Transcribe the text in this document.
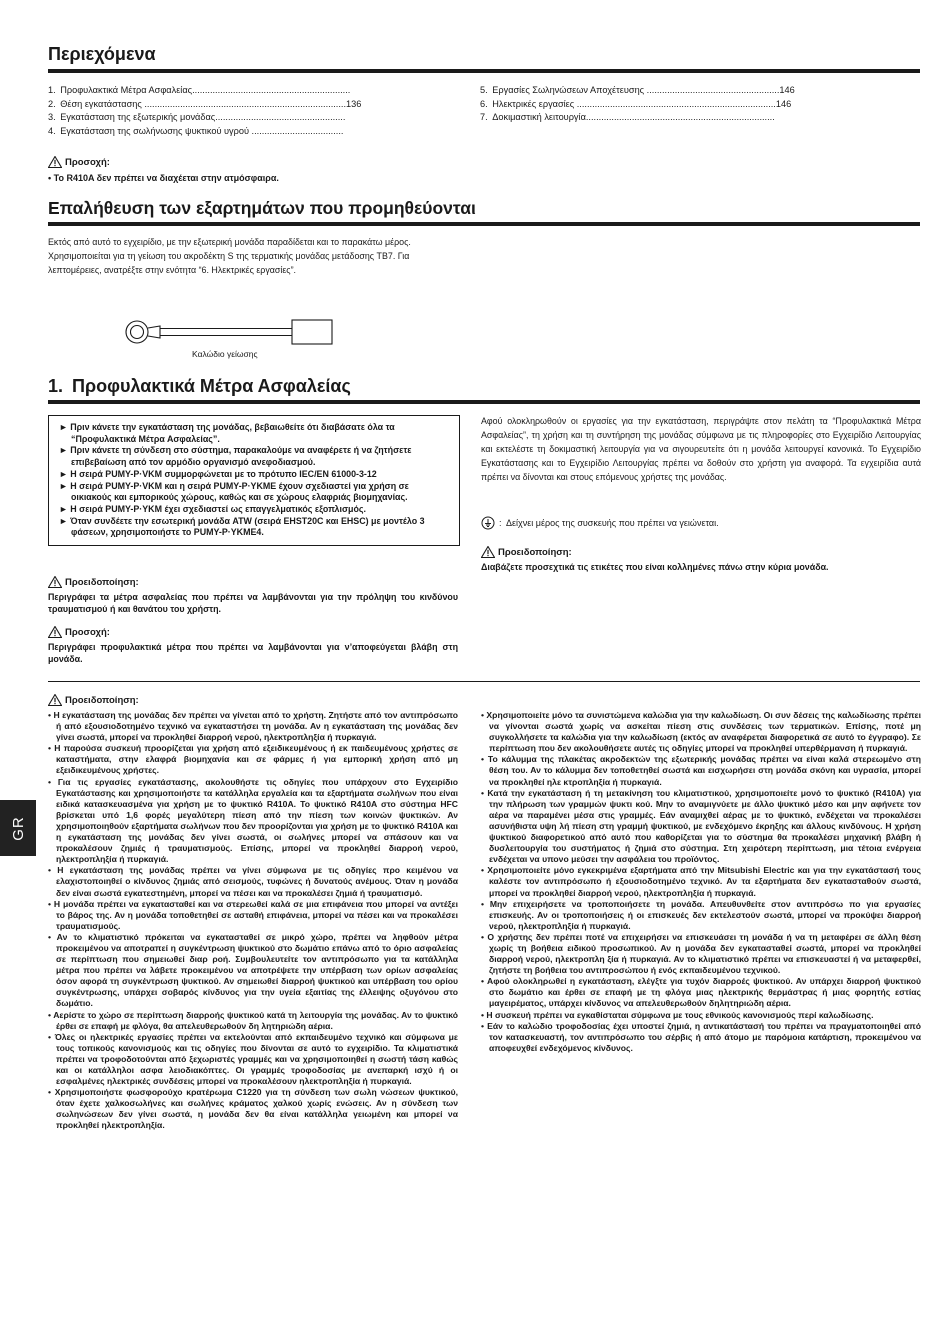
GR
Περιεχόμενα
1. Προφυλακτικά Μέτρα Ασφαλείας..............................................................
2. Θέση εγκατάστασης ...............................................................................136
3. Εγκατάσταση της εξωτερικής μονάδας...................................................
4. Εγκατάσταση της σωλήνωσης ψυκτικού υγρού ....................................
5. Εργασίες Σωληνώσεων Αποχέτευσης ....................................................146
6. Ηλεκτρικές εργασίες ..............................................................................146
7. Δοκιμαστική λειτουργία..........................................................................
Προσοχή:
• Το R410A δεν πρέπει να διαχέεται στην ατμόσφαιρα.
Επαλήθευση των εξαρτημάτων που προμηθεύονται
Εκτός από αυτό το εγχειρίδιο, με την εξωτερική μονάδα παραδίδεται και το παρακάτω μέρος.
Χρησιμοποιείται για τη γείωση του ακροδέκτη S της τερματικής μονάδας μετάδοσης TB7. Για λεπτομέρειες, ανατρέξτε στην ενότητα “6. Ηλεκτρικές εργασίες”.
Καλώδιο γείωσης
1. Προφυλακτικά Μέτρα Ασφαλείας
► Πριν κάνετε την εγκατάσταση της μονάδας, βεβαιωθείτε ότι διαβάσατε όλα τα “Προφυλακτικά Μέτρα Ασφαλείας”.
► Πριν κάνετε τη σύνδεση στο σύστημα, παρακαλούμε να αναφέρετε ή να ζητήσετε επιβεβαίωση από τον αρμόδιο οργανισμό ανεφοδιασμού.
► Η σειρά PUMY-P·VKM συμμορφώνεται με το πρότυπο IEC/EN 61000-3-12
► Η σειρά PUMY-P·VKM και η σειρά PUMY-P·YKME έχουν σχεδιαστεί για χρήση σε οικιακούς και εμπορικούς χώρους, καθώς και σε χώρους ελαφριάς βιομηχανίας.
► Η σειρά PUMY-P·YKM έχει σχεδιαστεί ως επαγγελματικός εξοπλισμός.
► Όταν συνδέετε την εσωτερική μονάδα ATW (σειρά EHST20C και EHSC) με μοντέλο 3 φάσεων, χρησιμοποιήστε το PUMY-P·YKME4.
Προειδοποίηση:
Περιγράφει τα μέτρα ασφαλείας που πρέπει να λαμβάνονται για την πρόληψη του κινδύνου τραυματισμού ή και θανάτου του χρήστη.
Προσοχή:
Περιγράφει προφυλακτικά μέτρα που πρέπει να λαμβάνονται για ν’αποφεύγεται βλάβη στη μονάδα.
Αφού ολοκληρωθούν οι εργασίες για την εγκατάσταση, περιγράψτε στον πελάτη τα “Προφυλακτικά Μέτρα Ασφαλείας”, τη χρήση και τη συντήρηση της μονάδας σύμφωνα με τις πληροφορίες στο Εγχειρίδιο Λειτουργίας και εκτελέστε τη δοκιμαστική λειτουργία για να σιγουρευτείτε ότι η μονάδα λειτουργεί κανονικά. Το Εγχειρίδιο Εγκατάστασης και το Εγχειρίδιο Λειτουργίας πρέπει να δοθούν στο χρήστη για αναφορά. Τα εγχειρίδια αυτά πρέπει να δίνονται και στους επόμενους χρήστες της μονάδας.
: Δείχνει μέρος της συσκευής που πρέπει να γειώνεται.
Προειδοποίηση:
Διαβάζετε προσεχτικά τις ετικέτες που είναι κολλημένες πάνω στην κύρια μονάδα.
Προειδοποίηση:
• Η εγκατάσταση της μονάδας δεν πρέπει να γίνεται από το χρήστη. Ζητήστε από τον αντιπρόσωπο ή από εξουσιοδοτημένο τεχνικό να εγκαταστήσει τη μονάδα. Αν η εγκατάσταση της μονάδας δεν γίνει σωστά, μπορεί να προκληθεί διαρροή νερού, ηλεκτροπληξία ή πυρκαγιά.
• Η παρούσα συσκευή προορίζεται για χρήση από εξειδικευμένους ή εκ παιδευμένους χρήστες σε καταστήματα, στην ελαφρά βιομηχανία και σε φάρμες ή για εμπορική χρήση από μη εξειδικευμένους χρήστες.
• Για τις εργασίες εγκατάστασης, ακολουθήστε τις οδηγίες που υπάρχουν στο Εγχειρίδιο Εγκατάστασης και χρησιμοποιήστε τα κατάλληλα εργαλεία και τα εξαρτήματα σωλήνων που είναι ειδικά κατασκευασμένα για χρήση με το ψυκτικό R410A. Το ψυκτικό R410A στο σύστημα HFC βρίσκεται υπό 1,6 φορές μεγαλύτερη πίεση από την πίεση των κοινών ψυκτικών. Αν χρησιμοποιηθούν εξαρτήματα σωλήνων που δεν προορίζονται για χρήση με το ψυκτικό R410A και η εγκατάσταση της μονάδας δεν γίνει σωστά, οι σωλήνες μπορεί να σπάσουν και να προκαλέσουν ζημιές ή τραυματισμούς. Επίσης, μπορεί να προκληθεί διαρροή νερού, ηλεκτροπληξία ή πυρκαγιά.
• Η εγκατάσταση της μονάδας πρέπει να γίνει σύμφωνα με τις οδηγίες προ κειμένου να ελαχιστοποιηθεί ο κίνδυνος ζημιάς από σεισμούς, τυφώνες ή δυνατούς ανέμους. Όταν η μονάδα δεν είναι σωστά εγκατεστημένη, μπορεί να πέσει και να προκαλέσει ζημιά ή τραυματισμό.
• Η μονάδα πρέπει να εγκατασταθεί και να στερεωθεί καλά σε μια επιφάνεια που μπορεί να αντέξει το βάρος της. Αν η μονάδα τοποθετηθεί σε ασταθή επιφάνεια, μπορεί να πέσει και να προκαλέσει τραυματισμούς.
• Αν το κλιματιστικό πρόκειται να εγκατασταθεί σε μικρό χώρο, πρέπει να ληφθούν μέτρα προκειμένου να αποτραπεί η συγκέντρωση ψυκτικού στο δωμάτιο επάνω από το όριο ασφαλείας σε περίπτωση που σημειωθεί διαρ ροή. Συμβουλευτείτε τον αντιπρόσωπο για τα κατάλληλα μέτρα που πρέπει να λάβετε προκειμένου να αποτρέψετε την υπέρβαση των ορίων ασφαλείας όσον αφορά τη συγκέντρωση ψυκτικού. Αν σημειωθεί διαρροή ψυκτικού και υπέρβαση του ορίου συγκέντρωσης, υπάρχει σοβαρός κίνδυνος για την υγεία εξαιτίας της έλλειψης οξυγόνου στο δωμάτιο.
• Αερίστε το χώρο σε περίπτωση διαρροής ψυκτικού κατά τη λειτουργία της μονάδας. Αν το ψυκτικό έρθει σε επαφή με φλόγα, θα απελευθερωθούν δη λητηριώδη αέρια.
• Όλες οι ηλεκτρικές εργασίες πρέπει να εκτελούνται από εκπαιδευμένο τεχνικό και σύμφωνα με τους τοπικούς κανονισμούς και τις οδηγίες που δίνονται σε αυτό το εγχειρίδιο. Τα κλιματιστικά πρέπει να τροφοδοτούνται από ξεχωριστές γραμμές και να χρησιμοποιηθεί η σωστή τάση καθώς και οι κατάλληλοι ασφα λειοδιακόπτες. Οι γραμμές τροφοδοσίας με ανεπαρκή ισχύ ή οι εσφαλμένες ηλεκτρικές συνδέσεις μπορεί να προκαλέσουν ηλεκτροπληξία ή πυρκαγιά.
• Χρησιμοποιήστε φωσφορούχο κρατέρωμα C1220 για τη σύνδεση των σωλη νώσεων ψυκτικού, όταν έχετε χαλκοσωλήνες και σωλήνες κράματος χαλκού χωρίς ενώσεις. Αν η σύνδεση των σωληνώσεων δεν γίνει σωστά, η μονάδα δεν θα είναι κατάλληλα γειωμένη και μπορεί να προκληθεί ηλεκτροπληξία.
• Χρησιμοποιείτε μόνο τα συνιστώμενα καλώδια για την καλωδίωση. Οι συν δέσεις της καλωδίωσης πρέπει να γίνονται σωστά χωρίς να ασκείται πίεση στις συνδέσεις των τερματικών. Επίσης, ποτέ μη συγκολλήσετε τα καλώδια για την καλωδίωση (εκτός αν αναφέρεται διαφορετικά σε αυτό το έγγραφο). Σε περίπτωση που δεν ακολουθήσετε αυτές τις οδηγίες μπορεί να προκληθεί υπερθέρμανση ή πυρκαγιά.
• Το κάλυμμα της πλακέτας ακροδεκτών της εξωτερικής μονάδας πρέπει να είναι καλά στερεωμένο στη θέση του. Αν το κάλυμμα δεν τοποθετηθεί σωστά και εισχωρήσει στη μονάδα σκόνη και υγρασία, μπορεί να προκληθεί ηλε κτροπληξία ή πυρκαγιά.
• Κατά την εγκατάσταση ή τη μετακίνηση του κλιματιστικού, χρησιμοποιείτε μονό το ψυκτικό (R410A) για την πλήρωση των γραμμών ψυκτι κού. Μην το αναμιγνύετε με άλλο ψυκτικό μέσο και μην αφήνετε τον αέρα να παραμένει μέσα στις γραμμές. Εάν αναμιχθεί αέρας με το ψυκτικό, ενδέχεται να προκαλέσει ασυνήθιστα υψη λή πίεση στη γραμμή ψυκτικού, με ενδεχόμενο έκρηξης και άλλους κινδύνους. Η χρήση ψυκτικού διαφορετικού από αυτό που καθορίζεται για το σύστημα θα προκαλέσει μηχανική βλάβη ή δυσλειτουργία του συστήματος ή ζημιά στο σύστημα. Στη χειρότερη περίπτωση, μια τέτοια ενέργεια ενδέχεται να υπονο μεύσει την ασφάλεια του προϊόντος.
• Χρησιμοποιείτε μόνο εγκεκριμένα εξαρτήματα από την Mitsubishi Electric και για την εγκατάστασή τους καλέστε τον αντιπρόσωπο ή εξουσιοδοτημένο τεχνικό. Αν τα εξαρτήματα δεν εγκατασταθούν σωστά, μπορεί να προκληθεί διαρροή νερού, ηλεκτροπληξία ή πυρκαγιά.
• Μην επιχειρήσετε να τροποποιήσετε τη μονάδα. Απευθυνθείτε στον αντιπρόσω πο για εργασίες επισκευής. Αν οι τροποποιήσεις ή οι επισκευές δεν εκτελεστούν σωστά, μπορεί να προκύψει διαρροή νερού, ηλεκτροπληξία ή πυρκαγιά.
• Ο χρήστης δεν πρέπει ποτέ να επιχειρήσει να επισκευάσει τη μονάδα ή να τη μεταφέρει σε άλλη θέση χωρίς τη βοήθεια ειδικού προσωπικού. Αν η μονάδα δεν εγκατασταθεί σωστά, μπορεί να προκληθεί διαρροή νερού, ηλεκτροπλη ξία ή πυρκαγιά. Αν το κλιματιστικό πρέπει να επισκευαστεί ή να μεταφερθεί, ζητήστε τη βοήθεια του αντιπροσώπου ή ενός εκπαιδευμένου τεχνικού.
• Αφού ολοκληρωθεί η εγκατάσταση, ελέγξτε για τυχόν διαρροές ψυκτικού. Αν υπάρχει διαρροή ψυκτικού στο δωμάτιο και έρθει σε επαφή με τη φλόγα μιας ηλεκτρικής θερμάστρας ή μιας φορητής εστίας μαγειρέματος, υπάρχει κίνδυνος να απελευθερωθούν δηλητηριώδη αέρια.
• Η συσκευή πρέπει να εγκαθίσταται σύμφωνα με τους εθνικούς κανονισμούς περί καλωδίωσης.
• Εάν το καλώδιο τροφοδοσίας έχει υποστεί ζημιά, η αντικατάστασή του πρέπει να πραγματοποιηθεί από τον κατασκευαστή, τον αντιπρόσωπο του σέρβις ή από άτομο με παρόμοια κατάρτιση, προκειμένου να αποφευχθεί ενδεχόμενος κίνδυνος.
